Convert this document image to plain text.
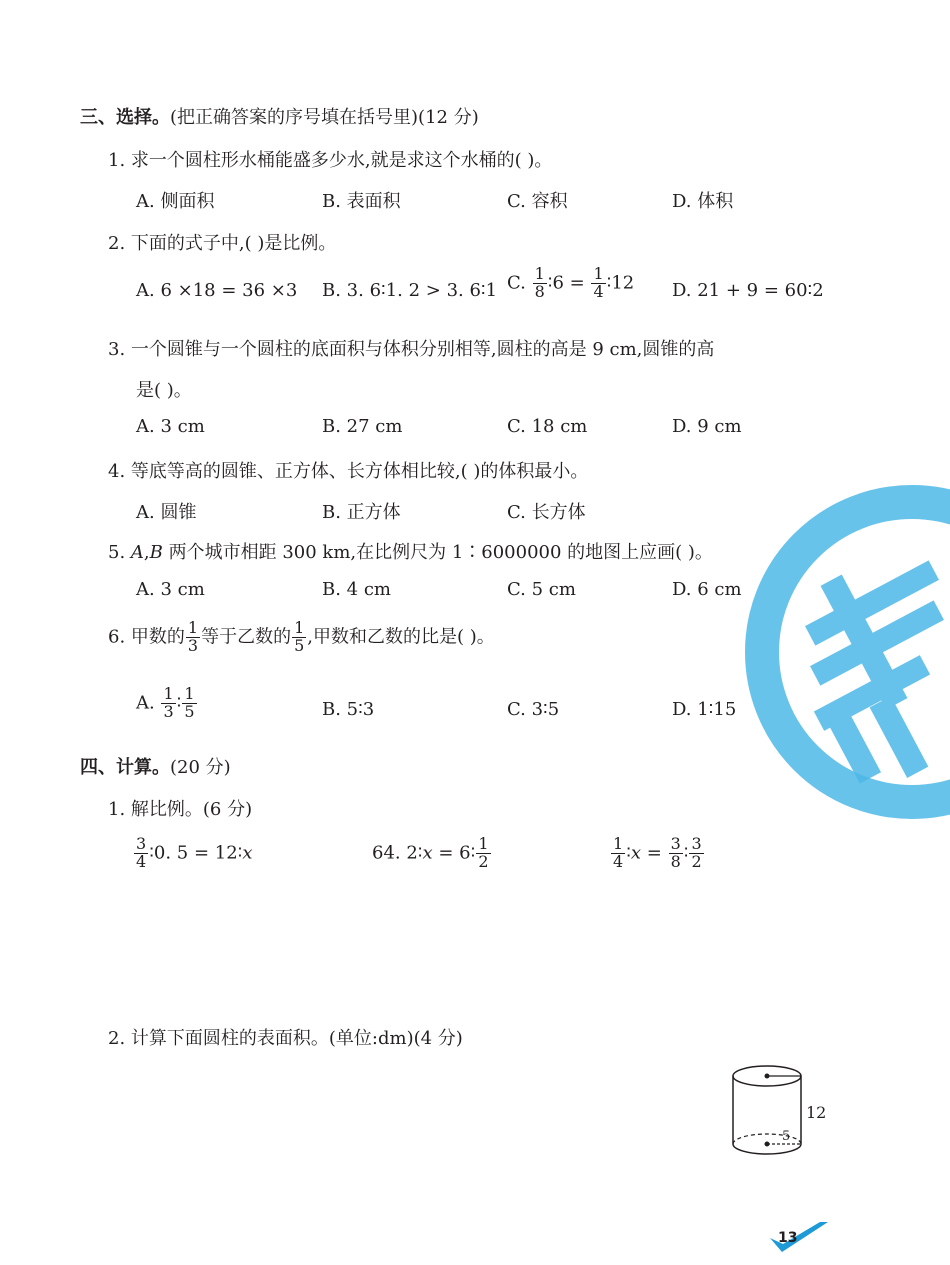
三、选择。(把正确答案的序号填在括号里)(12 分)
1. 求一个圆柱形水桶能盛多少水,就是求这个水桶的( )。
A. 侧面积	B. 表面积	C. 容积	D. 体积
2. 下面的式子中,( )是比例。
A. 6 ×18 = 36 ×3 B. 3. 6∶1. 2 > 3. 6∶1 C. $\frac{1}{8}$ ∶6 = $\frac{1}{4}$ ∶12 D. 21 + 9 = 60∶2
3. 一个圆锥与一个圆柱的底面积与体积分别相等,圆柱的高是 9 cm,圆锥的高
是( )。
A. 3 cm	B. 27 cm	C. 18 cm	D. 9 cm
4. 等底等高的圆锥、正方体、长方体相比较,( )的体积最小。
A. 圆锥	B. 正方体	C. 长方体
5. A,B 两个城市相距 300 km,在比例尺为 1∶6000000 的地图上应画( )。
A. 3 cm	B. 4 cm	C. 5 cm	D. 6 cm
6. 甲数的 $\frac{1}{3}$ 等于乙数的 $\frac{1}{5}$ ,甲数和乙数的比是( )。
A. $\frac{1}{3}$ ∶ $\frac{1}{5}$	B. 5∶3	C. 3∶5	D. 1∶15
四、计算。(20 分)
1. 解比例。(6 分)
$\frac{3}{4}$ ∶0. 5 = 12∶x	64. 2∶x = 6∶ $\frac{1}{2}$	$\frac{1}{4}$ ∶x = $\frac{3}{8}$ ∶ $\frac{3}{2}$
2. 计算下面圆柱的表面积。(单位:dm)(4 分)
12
5
13
